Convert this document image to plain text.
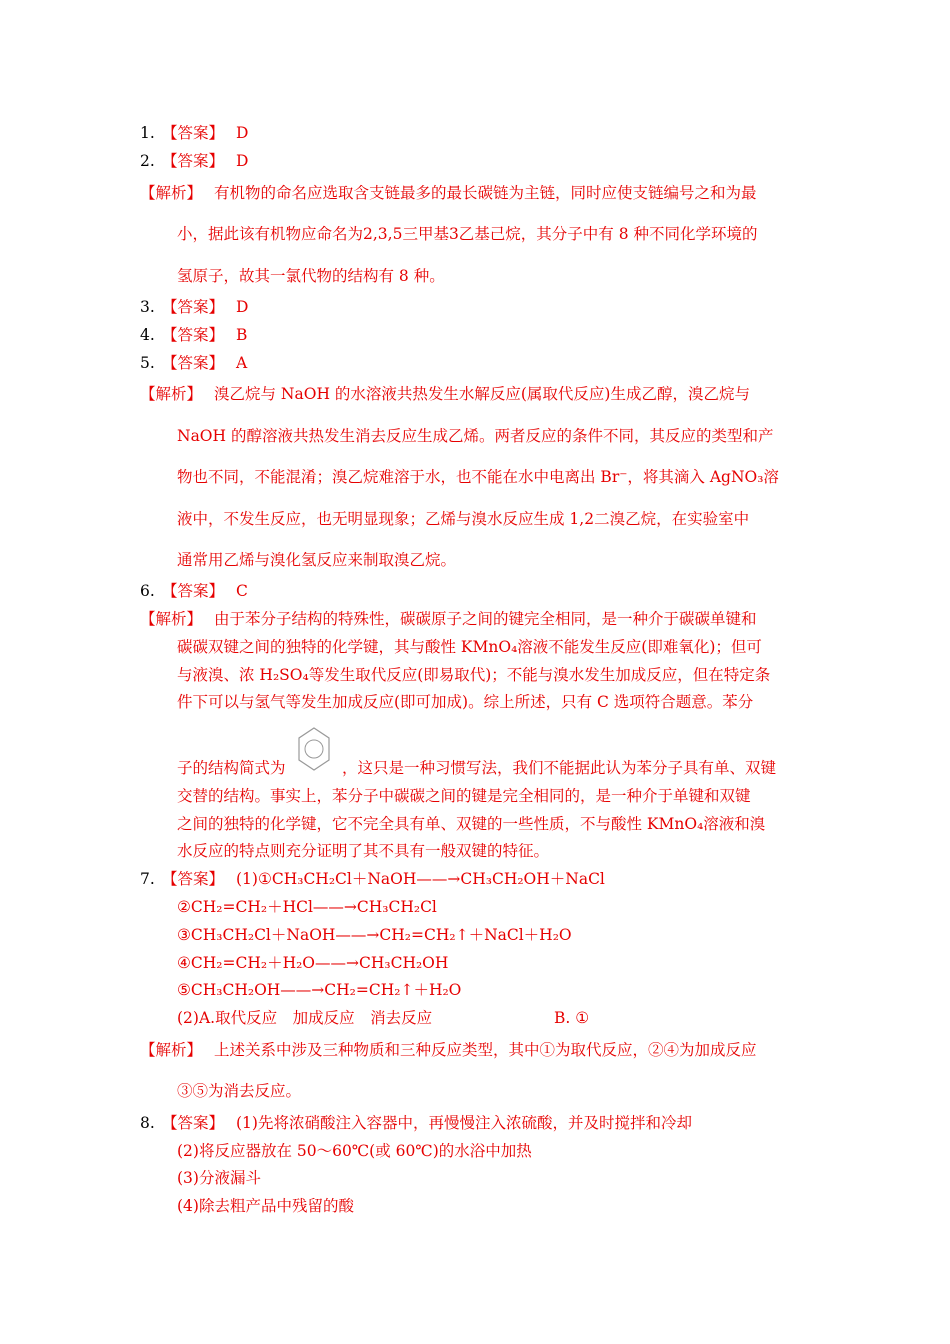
1. 【答案】 D
2. 【答案】 D
【解析】 有机物的命名应选取含支链最多的最长碳链为主链，同时应使支链编号之和为最
小，据此该有机物应命名为2,3,5三甲基3乙基己烷，其分子中有 8 种不同化学环境的
氢原子，故其一氯代物的结构有 8 种。
3. 【答案】 D
4. 【答案】 B
5. 【答案】 A
【解析】 溴乙烷与 NaOH 的水溶液共热发生水解反应(属取代反应)生成乙醇，溴乙烷与
NaOH 的醇溶液共热发生消去反应生成乙烯。两者反应的条件不同，其反应的类型和产
物也不同，不能混淆；溴乙烷难溶于水，也不能在水中电离出 Br⁻，将其滴入 AgNO₃溶
液中，不发生反应，也无明显现象；乙烯与溴水反应生成 1,2二溴乙烷，在实验室中
通常用乙烯与溴化氢反应来制取溴乙烷。
6. 【答案】 C
【解析】 由于苯分子结构的特殊性，碳碳原子之间的键完全相同，是一种介于碳碳单键和
碳碳双键之间的独特的化学键，其与酸性 KMnO₄溶液不能发生反应(即难氧化)；但可
与液溴、浓 H₂SO₄等发生取代反应(即易取代)；不能与溴水发生加成反应，但在特定条
件下可以与氢气等发生加成反应(即可加成)。综上所述，只有 C 选项符合题意。苯分
子的结构简式为	，这只是一种习惯写法，我们不能据此认为苯分子具有单、双键
交替的结构。事实上，苯分子中碳碳之间的键是完全相同的，是一种介于单键和双键
之间的独特的化学键，它不完全具有单、双键的一些性质，不与酸性 KMnO₄溶液和溴
水反应的特点则充分证明了其不具有一般双键的特征。
7. 【答案】 (1)①CH₃CH₂Cl＋NaOH——→CH₃CH₂OH＋NaCl
②CH₂=CH₂＋HCl——→CH₃CH₂Cl
③CH₃CH₂Cl＋NaOH——→CH₂=CH₂↑＋NaCl＋H₂O
④CH₂=CH₂＋H₂O——→CH₃CH₂OH
⑤CH₃CH₂OH——→CH₂=CH₂↑＋H₂O
(2)A.取代反应　加成反应　消去反应	B. ①
【解析】 上述关系中涉及三种物质和三种反应类型，其中①为取代反应，②④为加成反应
③⑤为消去反应。
8. 【答案】 (1)先将浓硝酸注入容器中，再慢慢注入浓硫酸，并及时搅拌和冷却
(2)将反应器放在 50～60℃(或 60℃)的水浴中加热
(3)分液漏斗
(4)除去粗产品中残留的酸
